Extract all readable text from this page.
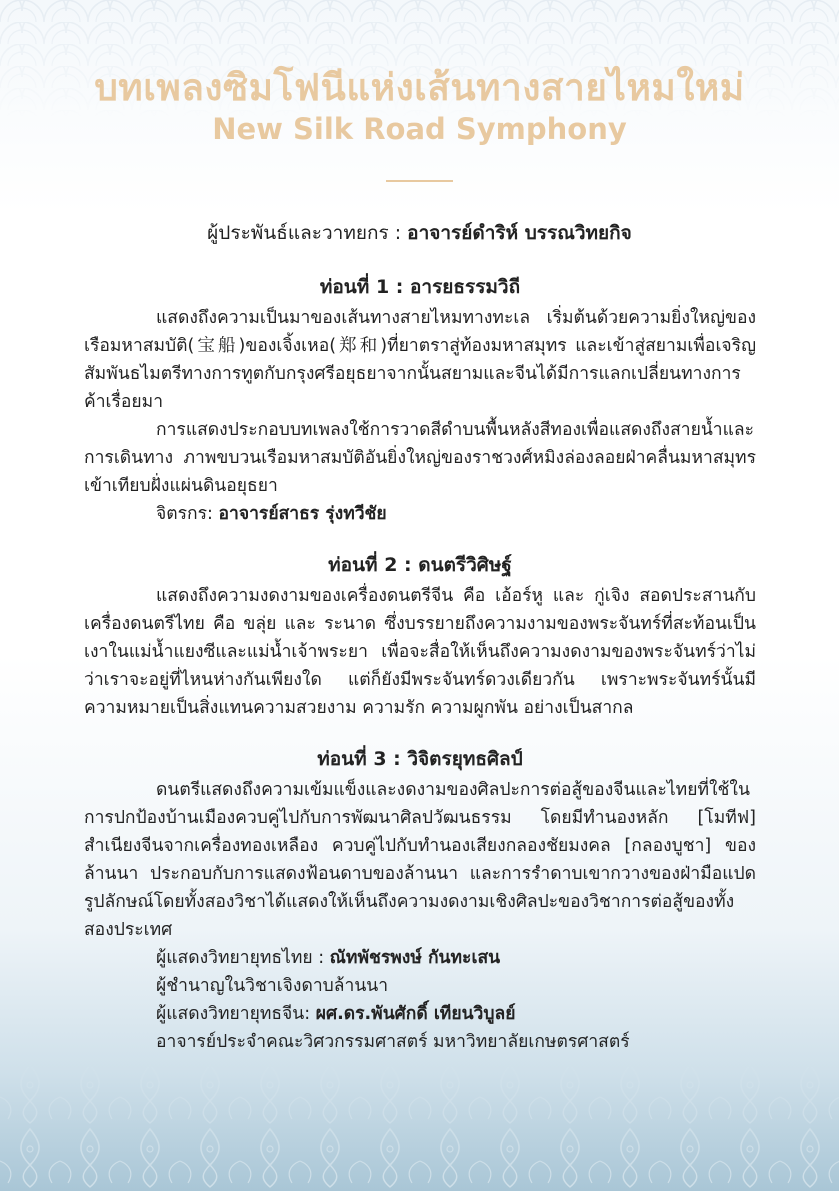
บทเพลงซิมโฟนีแห่งเส้นทางสายไหมใหม่
New Silk Road Symphony
ผู้ประพันธ์และวาทยกร : อาจารย์ดำริห์ บรรณวิทยกิจ

ท่อนที่ 1 : อารยธรรมวิถี

แสดงถึงความเป็นมาของเส้นทางสายไหมทางทะเล เริ่มต้นด้วยความยิ่งใหญ่ของเรือมหาสมบัติ(宝船)ของเจิ้งเหอ(郑和)ที่ยาตราสู่ท้องมหาสมุทร และเข้าสู่สยามเพื่อเจริญสัมพันธไมตรีทางการทูตกับกรุงศรีอยุธยาจากนั้นสยามและจีนได้มีการแลกเปลี่ยนทางการค้าเรื่อยมา

การแสดงประกอบบทเพลงใช้การวาดสีดำบนพื้นหลังสีทองเพื่อแสดงถึงสายน้ำและการเดินทาง ภาพขบวนเรือมหาสมบัติอันยิ่งใหญ่ของราชวงศ์หมิงล่องลอยฝ่าคลื่นมหาสมุทรเข้าเทียบฝั่งแผ่นดินอยุธยา

จิตรกร: อาจารย์สาธร รุ่งทวีชัย

ท่อนที่ 2 : ดนตรีวิศิษฐ์

แสดงถึงความงดงามของเครื่องดนตรีจีน คือ เอ้อร์หู และ กู่เจิง สอดประสานกับเครื่องดนตรีไทย คือ ขลุ่ย และ ระนาด ซึ่งบรรยายถึงความงามของพระจันทร์ที่สะท้อนเป็นเงาในแม่น้ำแยงซีและแม่น้ำเจ้าพระยา เพื่อจะสื่อให้เห็นถึงความงดงามของพระจันทร์ว่าไม่ว่าเราจะอยู่ที่ไหนห่างกันเพียงใด แต่ก็ยังมีพระจันทร์ดวงเดียวกัน เพราะพระจันทร์นั้นมีความหมายเป็นสิ่งแทนความสวยงาม ความรัก ความผูกพัน อย่างเป็นสากล

ท่อนที่ 3 : วิจิตรยุทธศิลป์

ดนตรีแสดงถึงความเข้มแข็งและงดงามของศิลปะการต่อสู้ของจีนและไทยที่ใช้ในการปกป้องบ้านเมืองควบคู่ไปกับการพัฒนาศิลปวัฒนธรรม โดยมีทำนองหลัก [โมทีฟ] สำเนียงจีนจากเครื่องทองเหลือง ควบคู่ไปกับทำนองเสียงกลองชัยมงคล [กลองบูชา] ของล้านนา ประกอบกับการแสดงฟ้อนดาบของล้านนา และการรำดาบเขากวางของฝ่ามือแปดรูปลักษณ์โดยทั้งสองวิชาได้แสดงให้เห็นถึงความงดงามเชิงศิลปะของวิชาการต่อสู้ของทั้งสองประเทศ

ผู้แสดงวิทยายุทธไทย : ณัทพัชรพงษ์ กันทะเสน

ผู้ชำนาญในวิชาเจิงดาบล้านนา

ผู้แสดงวิทยายุทธจีน: ผศ.ดร.พันศักดิ์ เทียนวิบูลย์

อาจารย์ประจำคณะวิศวกรรมศาสตร์ มหาวิทยาลัยเกษตรศาสตร์
